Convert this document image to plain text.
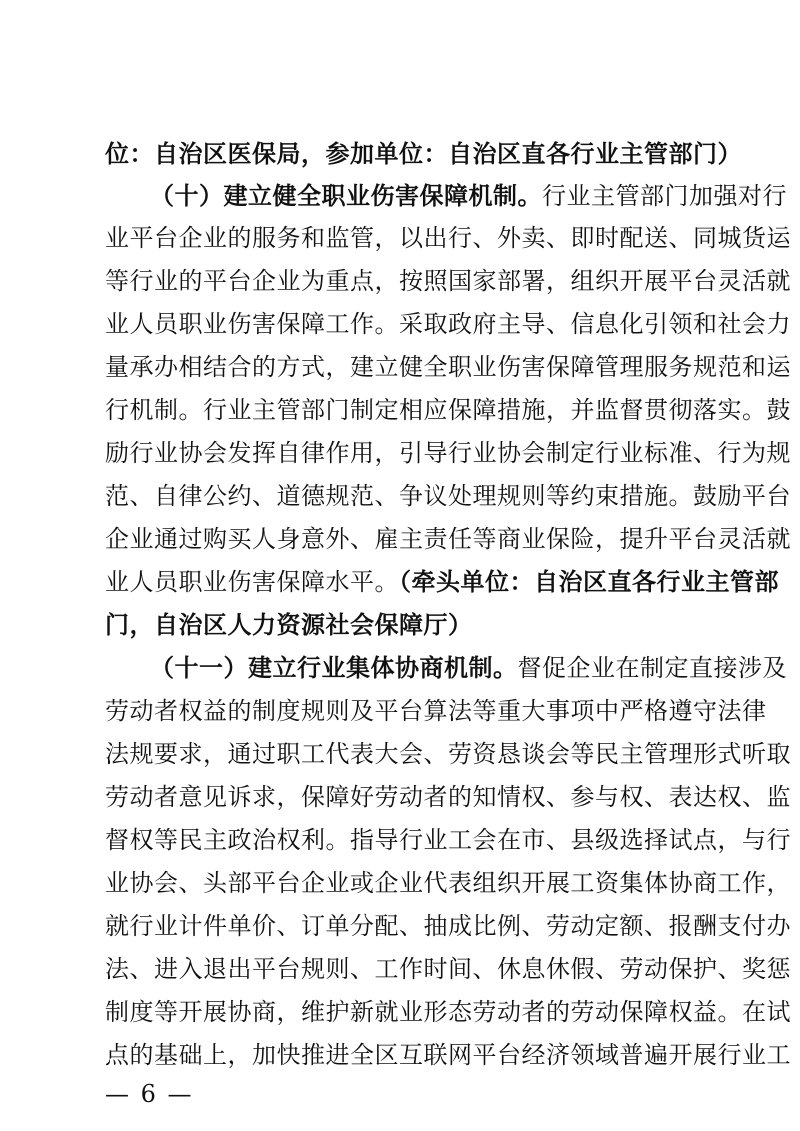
位：自治区医保局，参加单位：自治区直各行业主管部门）
（十）建立健全职业伤害保障机制。行业主管部门加强对行
业平台企业的服务和监管，以出行、外卖、即时配送、同城货运
等行业的平台企业为重点，按照国家部署，组织开展平台灵活就
业人员职业伤害保障工作。采取政府主导、信息化引领和社会力
量承办相结合的方式，建立健全职业伤害保障管理服务规范和运
行机制。行业主管部门制定相应保障措施，并监督贯彻落实。鼓
励行业协会发挥自律作用，引导行业协会制定行业标准、行为规
范、自律公约、道德规范、争议处理规则等约束措施。鼓励平台
企业通过购买人身意外、雇主责任等商业保险，提升平台灵活就
业人员职业伤害保障水平。（牵头单位：自治区直各行业主管部
门，自治区人力资源社会保障厅）
（十一）建立行业集体协商机制。督促企业在制定直接涉及
劳动者权益的制度规则及平台算法等重大事项中严格遵守法律
法规要求，通过职工代表大会、劳资恳谈会等民主管理形式听取
劳动者意见诉求，保障好劳动者的知情权、参与权、表达权、监
督权等民主政治权利。指导行业工会在市、县级选择试点，与行
业协会、头部平台企业或企业代表组织开展工资集体协商工作，
就行业计件单价、订单分配、抽成比例、劳动定额、报酬支付办
法、进入退出平台规则、工作时间、休息休假、劳动保护、奖惩
制度等开展协商，维护新就业形态劳动者的劳动保障权益。在试
点的基础上，加快推进全区互联网平台经济领域普遍开展行业工
— 6 —
